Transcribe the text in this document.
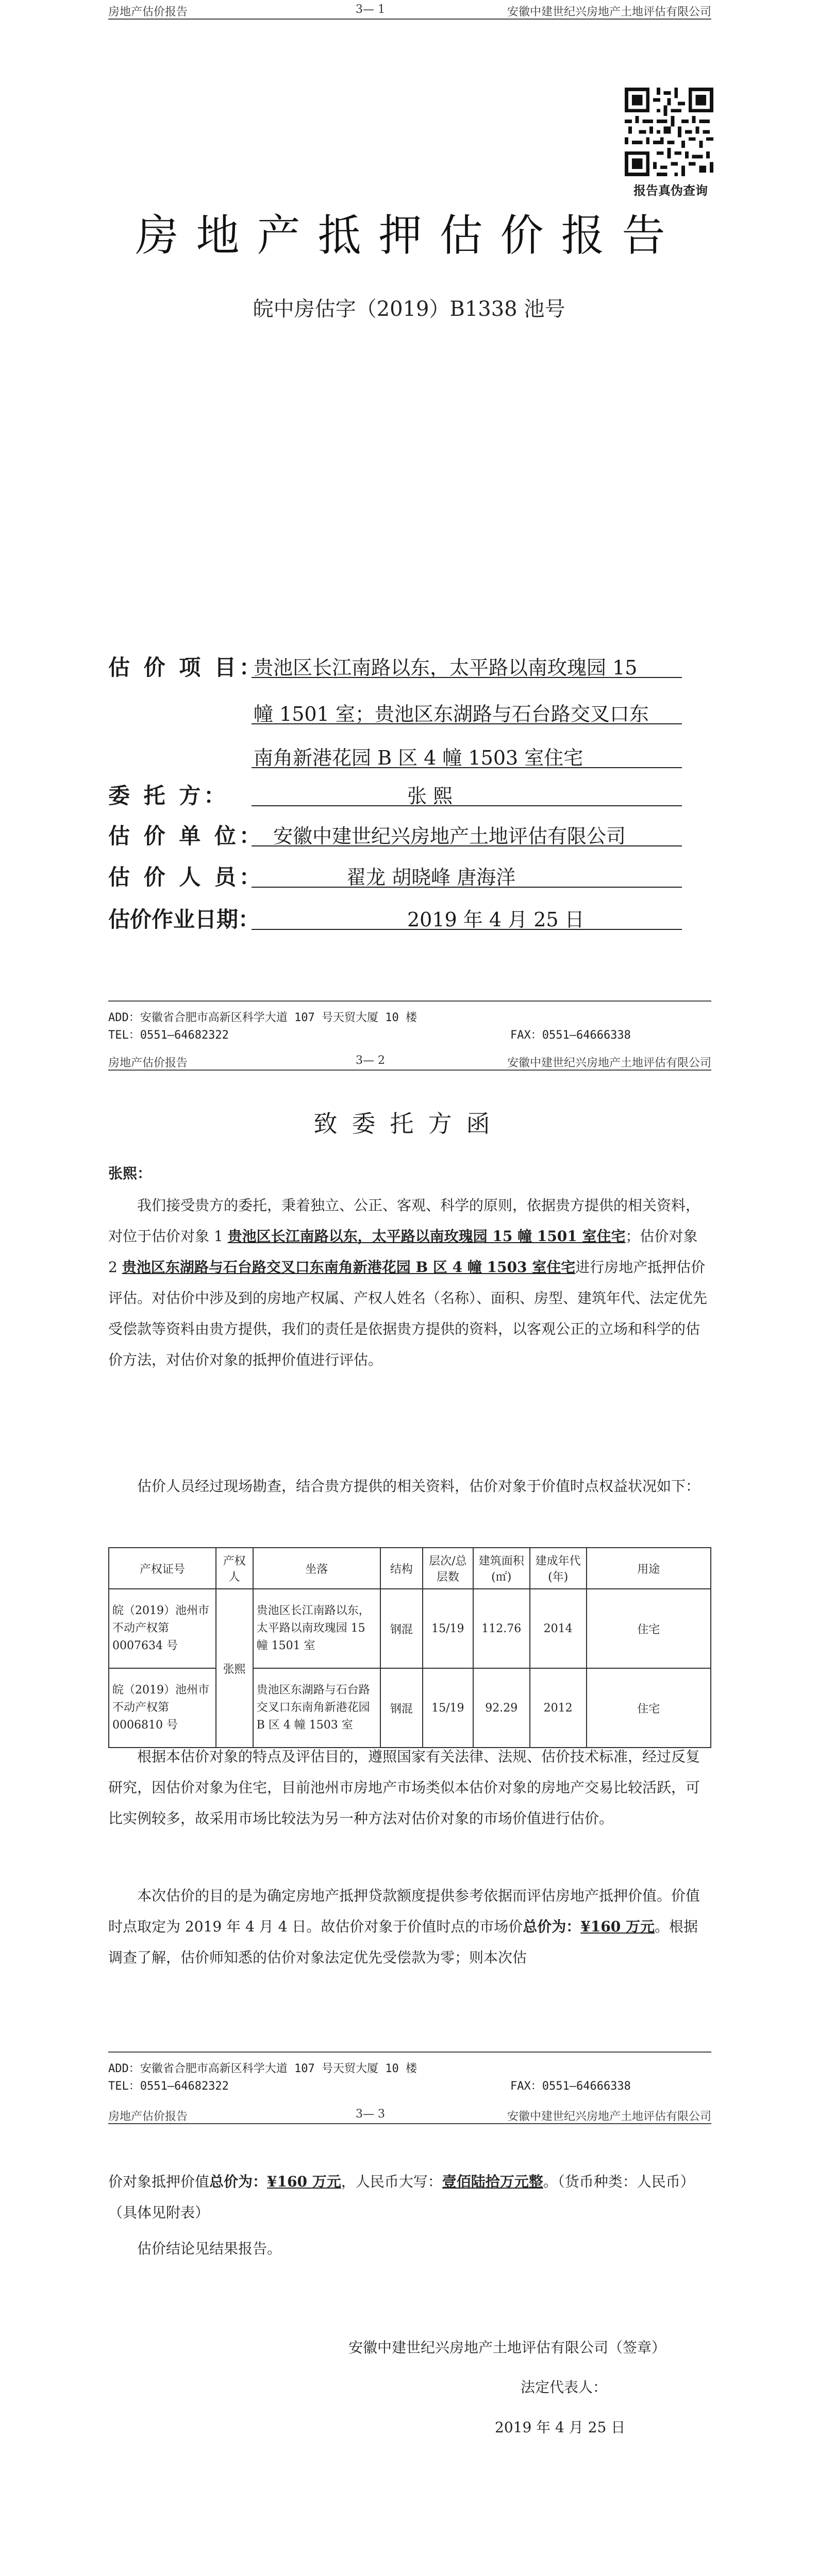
房地产估价报告	3— 1	安徽中建世纪兴房地产土地评估有限公司
报告真伪查询
房地产抵押估价报告
皖中房估字（2019）B1338 池号
估 价 项 目：
贵池区长江南路以东，太平路以南玫瑰园 15
幢 1501 室；贵池区东湖路与石台路交叉口东
南角新港花园 B 区 4 幢 1503 室住宅
委 托 方：	张 熙
估 价 单 位： 安徽中建世纪兴房地产土地评估有限公司
估 价 人 员：	翟龙 胡晓峰 唐海洋
估价作业日期：	2019 年 4 月 25 日
ADD：安徽省合肥市高新区科学大道 107 号天贸大厦 10 楼
TEL：0551—64682322	FAX：0551—64666338
房地产估价报告	3— 2	安徽中建世纪兴房地产土地评估有限公司
致委托方函
张熙：
我们接受贵方的委托，秉着独立、公正、客观、科学的原则，依据贵方提供的相关资料，对位于估价对象 1 贵池区长江南路以东，太平路以南玫瑰园 15 幢 1501 室住宅；估价对象 2 贵池区东湖路与石台路交叉口东南角新港花园 B 区 4 幢 1503 室住宅进行房地产抵押估价评估。对估价中涉及到的房地产权属、产权人姓名（名称）、面积、房型、建筑年代、法定优先受偿款等资料由贵方提供，我们的责任是依据贵方提供的资料，以客观公正的立场和科学的估价方法，对估价对象的抵押价值进行评估。
估价人员经过现场勘查，结合贵方提供的相关资料，估价对象于价值时点权益状况如下：
产权证号	产权人	坐落	结构	层次/总层数	建筑面积(㎡)	建成年代(年)	用途
皖（2019）池州市不动产权第 0007634 号	张熙	贵池区长江南路以东，太平路以南玫瑰园 15 幢 1501 室	钢混	15/19	112.76	2014	住宅
皖（2019）池州市不动产权第 0006810 号		贵池区东湖路与石台路交叉口东南角新港花园 B 区 4 幢 1503 室	钢混	15/19	92.29	2012	住宅
根据本估价对象的特点及评估目的，遵照国家有关法律、法规、估价技术标准，经过反复研究，因估价对象为住宅，目前池州市房地产市场类似本估价对象的房地产交易比较活跃，可比实例较多，故采用市场比较法为另一种方法对估价对象的市场价值进行估价。
本次估价的目的是为确定房地产抵押贷款额度提供参考依据而评估房地产抵押价值。价值时点取定为 2019 年 4 月 4 日。故估价对象于价值时点的市场价总价为：¥160 万元。根据调查了解，估价师知悉的估价对象法定优先受偿款为零；则本次估
ADD：安徽省合肥市高新区科学大道 107 号天贸大厦 10 楼
TEL：0551—64682322	FAX：0551—64666338
房地产估价报告	3— 3	安徽中建世纪兴房地产土地评估有限公司
价对象抵押价值总价为：¥160 万元，人民币大写：壹佰陆拾万元整。（货币种类：人民币）（具体见附表）
估价结论见结果报告。
安徽中建世纪兴房地产土地评估有限公司（签章）
法定代表人：
2019 年 4 月 25 日
